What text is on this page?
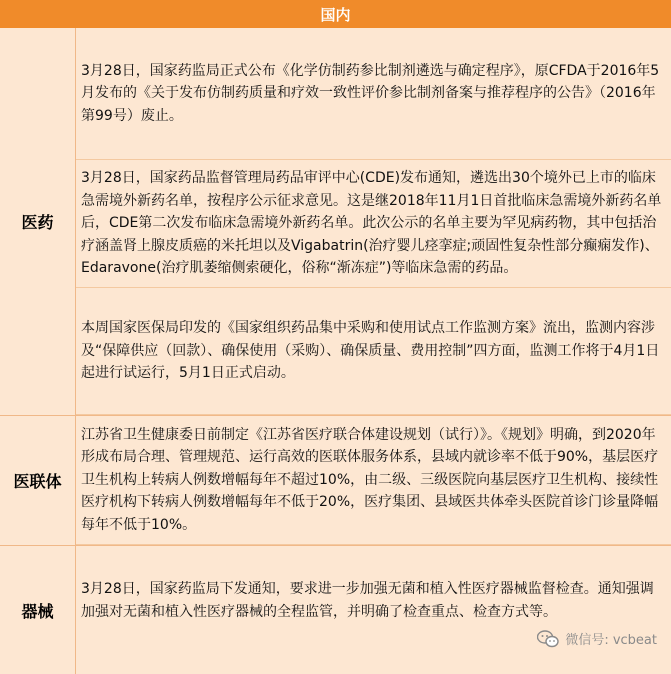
国内
医药

3月28日，国家药监局正式公布《化学仿制药参比制剂遴选与确定程序》，原CFDA于2016年5月发布的《关于发布仿制药质量和疗效一致性评价参比制剂备案与推荐程序的公告》（2016年第99号）废止。

3月28日，国家药品监督管理局药品审评中心(CDE)发布通知，遴选出30个境外已上市的临床急需境外新药名单，按程序公示征求意见。这是继2018年11月1日首批临床急需境外新药名单后，CDE第二次发布临床急需境外新药名单。此次公示的名单主要为罕见病药物，其中包括治疗涵盖肾上腺皮质癌的米托坦以及Vigabatrin(治疗婴儿痉挛症;顽固性复杂性部分癫痫发作)、Edaravone(治疗肌萎缩侧索硬化，俗称“渐冻症”)等临床急需的药品。

本周国家医保局印发的《国家组织药品集中采购和使用试点工作监测方案》流出，监测内容涉及“保障供应（回款）、确保使用（采购）、确保质量、费用控制”四方面，监测工作将于4月1日起进行试运行，5月1日正式启动。

医联体

江苏省卫生健康委日前制定《江苏省医疗联合体建设规划（试行）》。《规划》明确，到2020年形成布局合理、管理规范、运行高效的医联体服务体系，县域内就诊率不低于90%，基层医疗卫生机构上转病人例数增幅每年不超过10%，由二级、三级医院向基层医疗卫生机构、接续性医疗机构下转病人例数增幅每年不低于20%，医疗集团、县域医共体牵头医院首诊门诊量降幅每年不低于10%。

器械

3月28日，国家药监局下发通知，要求进一步加强无菌和植入性医疗器械监督检查。通知强调加强对无菌和植入性医疗器械的全程监管，并明确了检查重点、检查方式等。

微信号: vcbeat
